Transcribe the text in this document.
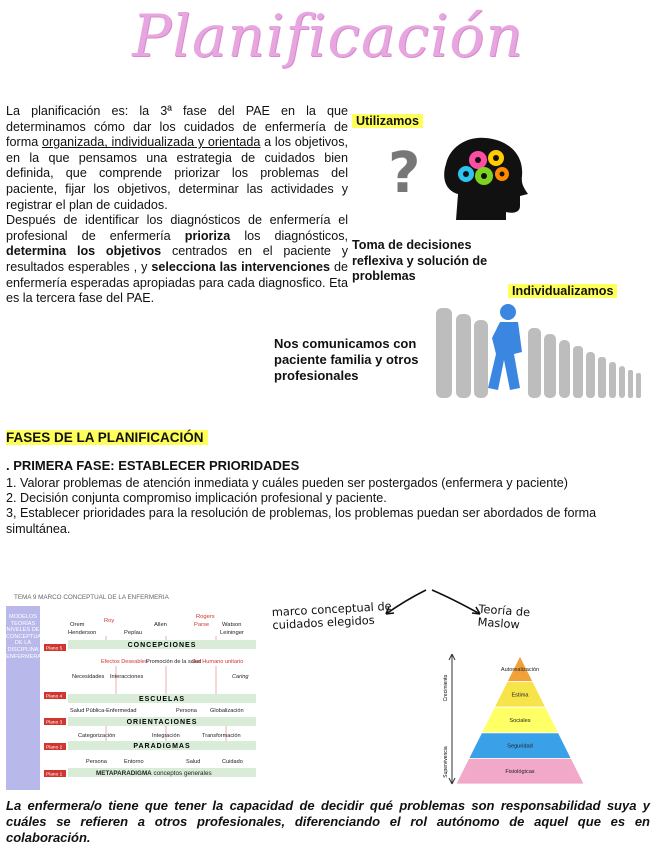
Planificación
La planificación es: la 3ª fase del PAE en la que determinamos cómo dar los cuidados de enfermería de forma organizada, individualizada y orientada a los objetivos, en la que pensamos una estrategia de cuidados bien definida, que comprende priorizar los problemas del paciente, fijar los objetivos, determinar las actividades y registrar el plan de cuidados.
Después de identificar los diagnósticos de enfermería el profesional de enfermería prioriza los diagnósticos, determina los objetivos centrados en el paciente y resultados esperables , y selecciona las intervenciones de enfermería esperadas apropiadas para cada diagnosfico. Eta es la tercera fase del PAE.
Utilizamos
?
Toma de decisiones reflexiva y solución de problemas
Individualizamos
Nos comunicamos con paciente familia y otros profesionales
FASES DE LA PLANIFICACIÓN
. PRIMERA FASE: ESTABLECER PRIORIDADES
1. Valorar problemas de atención inmediata y cuáles pueden ser postergados (enfermera y paciente)
2. Decisión conjunta compromiso implicación profesional y paciente.
3, Establecer prioridades para la resolución de problemas, los problemas puedan ser abordados de forma simultánea.
TEMA 9 MARCO CONCEPTUAL DE LA ENFERMERIA
MODELOS TEORÍAS NIVELES DE CONCEPTUALIZACIÓN DE LA DISCIPLINA ENFERMERA
Orem
Roy
Allen
Rogers
Watson
Henderson	Peplau
Parse
Leininger
CONCEPCIONES
Plano 5
Efectos Deseables
Promoción de la salud
Ser Humano unitario
Necesidades Interacciones	Caring
ESCUELAS
Plano 4
Salud Pública-Enfermedad	Persona Globalización
ORIENTACIONES
Plano 3
Categorización	Integración	Transformación
PARADIGMAS
Plano 2
Persona	Entorno	Salud	Cuidado
Plano 1	METAPARADIGMA conceptos generales
marco conceptual de cuidados elegidos
Teoría de Maslow
Crecimiento
Supervivencia
Autorealización
Estima
Sociales
Seguridad
Fisiológicas
La enfermera/o tiene que tener la capacidad de decidir qué problemas son responsabilidad suya y cuáles se refieren a otros profesionales, diferenciando el rol autónomo de aquel que es en colaboración.
